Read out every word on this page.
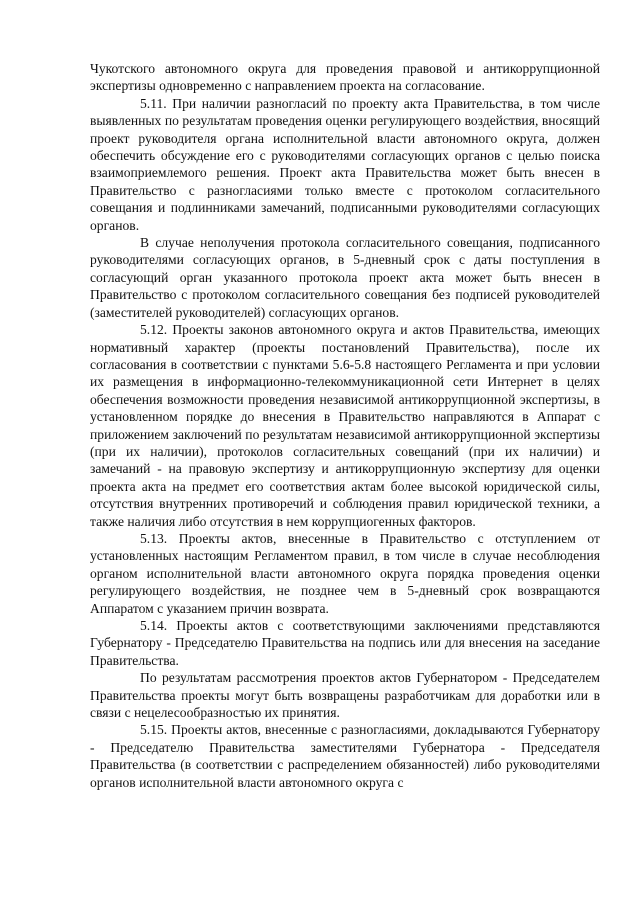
Чукотского автономного округа для проведения правовой и антикоррупционной экспертизы одновременно с направлением проекта на согласование.

5.11. При наличии разногласий по проекту акта Правительства, в том числе выявленных по результатам проведения оценки регулирующего воздействия, вносящий проект руководителя органа исполнительной власти автономного округа, должен обеспечить обсуждение его с руководителями согласующих органов с целью поиска взаимоприемлемого решения. Проект акта Правительства может быть внесен в Правительство с разногласиями только вместе с протоколом согласительного совещания и подлинниками замечаний, подписанными руководителями согласующих органов.

В случае неполучения протокола согласительного совещания, подписанного руководителями согласующих органов, в 5-дневный срок с даты поступления в согласующий орган указанного протокола проект акта может быть внесен в Правительство с протоколом согласительного совещания без подписей руководителей (заместителей руководителей) согласующих органов.

5.12. Проекты законов автономного округа и актов Правительства, имеющих нормативный характер (проекты постановлений Правительства), после их согласования в соответствии с пунктами 5.6-5.8 настоящего Регламента и при условии их размещения в информационно-телекоммуникационной сети Интернет в целях обеспечения возможности проведения независимой антикоррупционной экспертизы, в установленном порядке до внесения в Правительство направляются в Аппарат с приложением заключений по результатам независимой антикоррупционной экспертизы (при их наличии), протоколов согласительных совещаний (при их наличии) и замечаний - на правовую экспертизу и антикоррупционную экспертизу для оценки проекта акта на предмет его соответствия актам более высокой юридической силы, отсутствия внутренних противоречий и соблюдения правил юридической техники, а также наличия либо отсутствия в нем коррупциогенных факторов.

5.13. Проекты актов, внесенные в Правительство с отступлением от установленных настоящим Регламентом правил, в том числе в случае несоблюдения органом исполнительной власти автономного округа порядка проведения оценки регулирующего воздействия, не позднее чем в 5-дневный срок возвращаются Аппаратом с указанием причин возврата.

5.14. Проекты актов с соответствующими заключениями представляются Губернатору - Председателю Правительства на подпись или для внесения на заседание Правительства.

По результатам рассмотрения проектов актов Губернатором - Председателем Правительства проекты могут быть возвращены разработчикам для доработки или в связи с нецелесообразностью их принятия.

5.15. Проекты актов, внесенные с разногласиями, докладываются Губернатору - Председателю Правительства заместителями Губернатора - Председателя Правительства (в соответствии с распределением обязанностей) либо руководителями органов исполнительной власти автономного округа с
